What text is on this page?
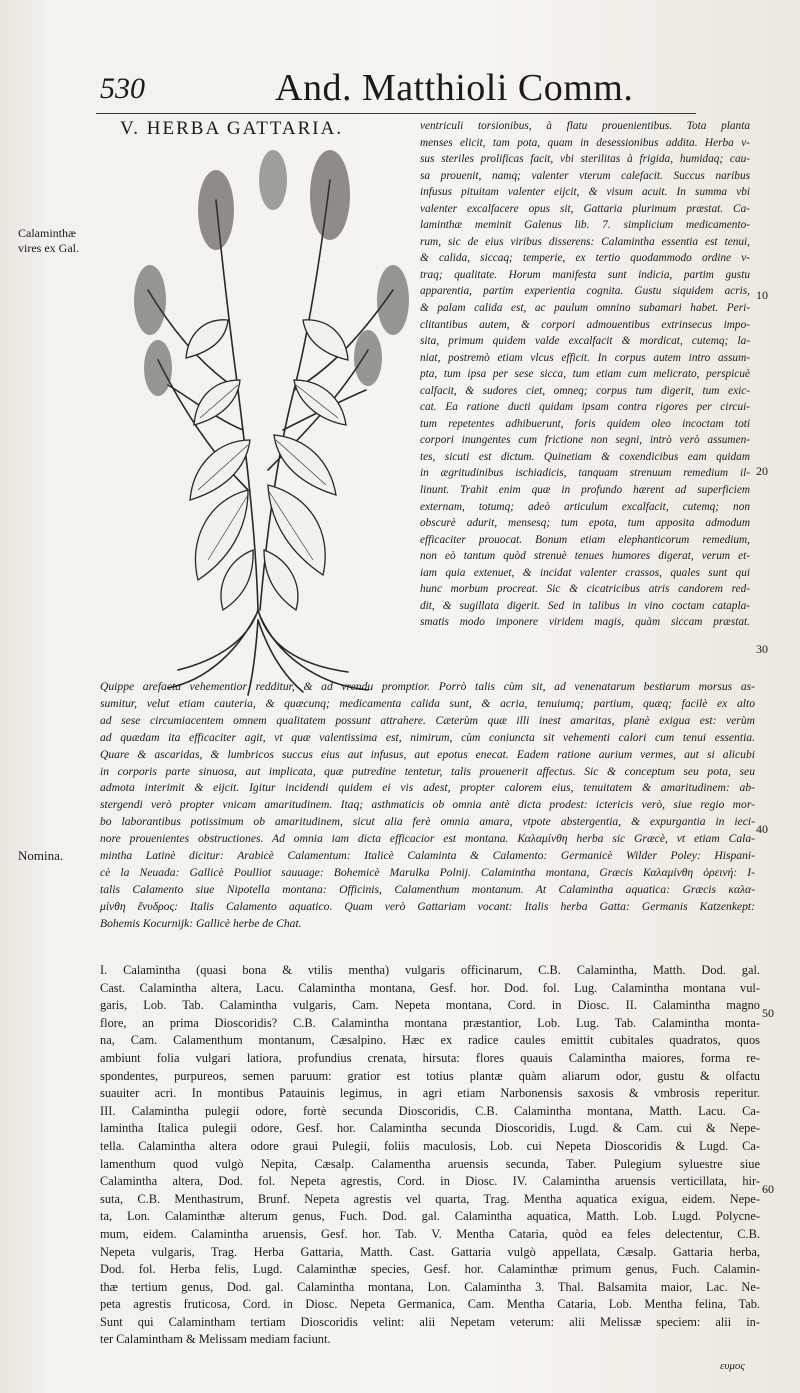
530	And. Matthioli Comm.
V. HERBA GATTARIA.
Calaminthæ vires ex Gal.
Nomina.
10
20
30
40
50
60
ventriculi torsionibus, à flatu prouenientibus. Tota planta
menses elicit, tam pota, quam in desessionibus addita. Herba v-
sus steriles prolificas facit, vbi sterilitas à frigida, humidaq; cau-
sa prouenit, namq; valenter vterum calefacit. Succus naribus
infusus pituitam valenter eijcit, & visum acuit. In summa vbi
valenter excalfacere opus sit, Gattaria plurimum præstat. Ca-
laminthæ meminit Galenus lib. 7. simplicium medicamento-
rum, sic de eius viribus disserens: Calamintha essentia est tenui,
& calida, siccaq; temperie, ex tertio quodammodo ordine v-
traq; qualitate. Horum manifesta sunt indicia, partim gustu
apparentia, partim experientia cognita. Gustu siquidem acris,
& palam calida est, ac paulum omnino subamari habet. Peri-
clitantibus autem, & corpori admouentibus extrinsecus impo-
sita, primum quidem valde excalfacit & mordicat, cutemq; la-
niat, postremò etiam vlcus efficit. In corpus autem intro assum-
pta, tum ipsa per sese sicca, tum etiam cum melicrato, perspicuè
calfacit, & sudores ciet, omneq; corpus tum digerit, tum exic-
cat. Ea ratione ducti quidam ipsam contra rigores per circui-
tum repetentes adhibuerunt, foris quidem oleo incoctam toti
corpori inungentes cum frictione non segni, intrò verò assumen-
tes, sicuti est dictum. Quinetiam & coxendicibus eam quidam
in ægritudinibus ischiadicis, tanquam strenuum remedium il-
linunt. Trahit enim quæ in profundo hærent ad superficiem
externam, totumq; adeò articulum excalfacit, cutemq; non
obscurè adurit, mensesq; tum epota, tum apposita admodum
efficaciter prouocat. Bonum etiam elephanticorum remedium,
non eò tantum quòd strenuè tenues humores digerat, verum et-
iam quia extenuet, & incidat valenter crassos, quales sunt qui
hunc morbum procreat. Sic & cicatricibus atris candorem red-
dit, & sugillata digerit. Sed in talibus in vino coctam catapla-
smatis modo imponere viridem magis, quàm siccam præstat.
Quippe arefacta vehementior redditur, & ad vrendu promptior. Porrò talis cùm sit, ad venenatarum bestiarum morsus as-
sumitur, velut etiam cauteria, & quæcunq; medicamenta calida sunt, & acria, tenuiumq; partium, quæq; facilè ex alto
ad sese circumiacentem omnem qualitatem possunt attrahere. Cæterùm quæ illi inest amaritas, planè exigua est: verùm
ad quædam ita efficaciter agit, vt quæ valentissima est, nimirum, cùm coniuncta sit vehementi calori cum tenui essentia.
Quare & ascaridas, & lumbricos succus eius aut infusus, aut epotus enecat. Eadem ratione aurium vermes, aut si alicubi
in corporis parte sinuosa, aut implicata, quæ putredine tentetur, talis prouenerit affectus. Sic & conceptum seu pota, seu
admota interimit & eijcit. Igitur incidendi quidem ei vis adest, propter calorem eius, tenuitatem & amaritudinem: ab-
stergendi verò propter vnicam amaritudinem. Itaq; asthmaticis ob omnia antè dicta prodest: ictericis verò, siue regio mor-
bo laborantibus potissimum ob amaritudinem, sicut alia ferè omnia amara, vtpote abstergentia, & expurgantia in ieci-
nore prouenientes obstructiones. Ad omnia iam dicta efficacior est montana. Καλαμίνθη herba sic Græcè, vt etiam Cala-
mintha Latinè dicitur: Arabicè Calamentum: Italicè Calaminta & Calamento: Germanicè Wilder Poley: Hispani-
cè la Neuada: Gallicè Poulliot sauuage: Bohemicè Marulka Polnij. Calamintha montana, Græcis Καλαμίνθη ὀρεινή: I-
talis Calamento siue Nipotella montana: Officinis, Calamenthum montanum. At Calamintha aquatica: Græcis καλα-
μίνθη ἔνυδρος: Italis Calamento aquatico. Quam verò Gattariam vocant: Italis herba Gatta: Germanis Katzenkept:
Bohemis Kocurnijk: Gallicè herbe de Chat.
I. Calamintha (quasi bona & vtilis mentha) vulgaris officinarum, C.B. Calamintha, Matth. Dod. gal.
Cast. Calamintha altera, Lacu. Calamintha montana, Gesf. hor. Dod. fol. Lug. Calamintha montana vul-
garis, Lob. Tab. Calamintha vulgaris, Cam. Nepeta montana, Cord. in Diosc. II. Calamintha magno
flore, an prima Dioscoridis? C.B. Calamintha montana præstantior, Lob. Lug. Tab. Calamintha monta-
na, Cam. Calamenthum montanum, Cæsalpino. Hæc ex radice caules emittit cubitales quadratos, quos
ambiunt folia vulgari latiora, profundius crenata, hirsuta: flores quauis Calamintha maiores, forma re-
spondentes, purpureos, semen paruum: gratior est totius plantæ quàm aliarum odor, gustu & olfactu
suauiter acri. In montibus Patauinis legimus, in agri etiam Narbonensis saxosis & vmbrosis reperitur.
III. Calamintha pulegii odore, fortè secunda Dioscoridis, C.B. Calamintha montana, Matth. Lacu. Ca-
lamintha Italica pulegii odore, Gesf. hor. Calamintha secunda Dioscoridis, Lugd. & Cam. cui & Nepe-
tella. Calamintha altera odore graui Pulegii, foliis maculosis, Lob. cui Nepeta Dioscoridis & Lugd. Ca-
lamenthum quod vulgò Nepita, Cæsalp. Calamentha aruensis secunda, Taber. Pulegium syluestre siue
Calamintha altera, Dod. fol. Nepeta agrestis, Cord. in Diosc. IV. Calamintha aruensis verticillata, hir-
suta, C.B. Menthastrum, Brunf. Nepeta agrestis vel quarta, Trag. Mentha aquatica exigua, eidem. Nepe-
ta, Lon. Calaminthæ alterum genus, Fuch. Dod. gal. Calamintha aquatica, Matth. Lob. Lugd. Polycne-
mum, eidem. Calamintha aruensis, Gesf. hor. Tab. V. Mentha Cataria, quòd ea feles delectentur, C.B.
Nepeta vulgaris, Trag. Herba Gattaria, Matth. Cast. Gattaria vulgò appellata, Cæsalp. Gattaria herba,
Dod. fol. Herba felis, Lugd. Calaminthæ species, Gesf. hor. Calaminthæ primum genus, Fuch. Calamin-
thæ tertium genus, Dod. gal. Calamintha montana, Lon. Calamintha 3. Thal. Balsamita maior, Lac. Ne-
peta agrestis fruticosa, Cord. in Diosc. Nepeta Germanica, Cam. Mentha Cataria, Lob. Mentha felina, Tab.
Sunt qui Calamintham tertiam Dioscoridis velint: alii Nepetam veterum: alii Melissæ speciem: alii in-
ter Calamintham & Melissam mediam faciunt.
ευμος
